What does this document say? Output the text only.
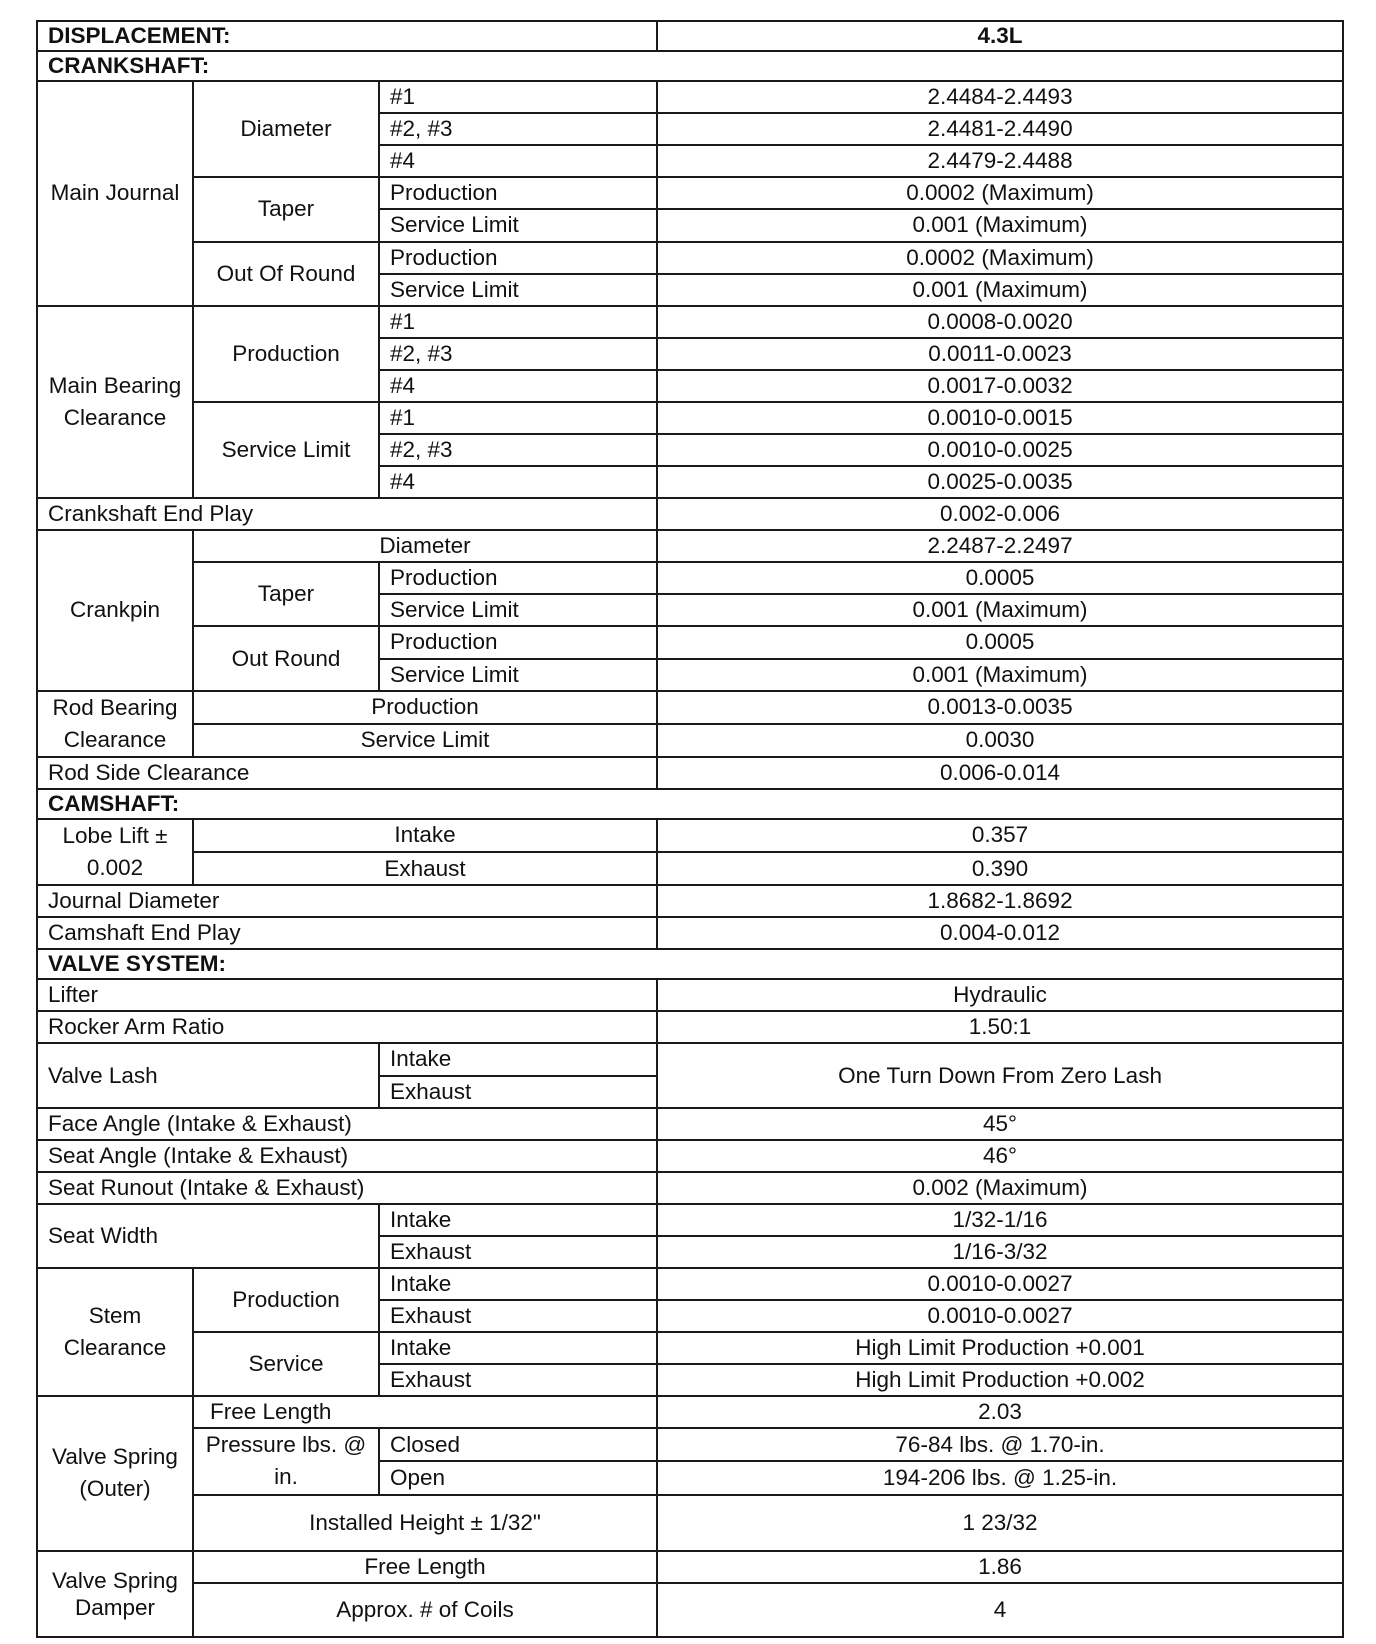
DISPLACEMENT:			4.3L
CRANKSHAFT:			
Main Journal	Diameter	#1	2.4484-2.4493
		#2, #3	2.4481-2.4490
		#4	2.4479-2.4488
	Taper	Production	0.0002 (Maximum)
		Service Limit	0.001 (Maximum)
	Out Of Round	Production	0.0002 (Maximum)
		Service Limit	0.001 (Maximum)
Main Bearing Clearance	Production	#1	0.0008-0.0020
		#2, #3	0.0011-0.0023
		#4	0.0017-0.0032
	Service Limit	#1	0.0010-0.0015
		#2, #3	0.0010-0.0025
		#4	0.0025-0.0035
Crankshaft End Play			0.002-0.006
Crankpin	Diameter		2.2487-2.2497
	Taper	Production	0.0005
		Service Limit	0.001 (Maximum)
	Out Round	Production	0.0005
		Service Limit	0.001 (Maximum)
Rod Bearing Clearance	Production		0.0013-0.0035
	Service Limit		0.0030
Rod Side Clearance			0.006-0.014
CAMSHAFT:			
Lobe Lift ± 0.002	Intake		0.357
	Exhaust		0.390
Journal Diameter			1.8682-1.8692
Camshaft End Play			0.004-0.012
VALVE SYSTEM:			
Lifter			Hydraulic
Rocker Arm Ratio			1.50:1
Valve Lash		Intake	One Turn Down From Zero Lash
		Exhaust	
Face Angle (Intake & Exhaust)			45°
Seat Angle (Intake & Exhaust)			46°
Seat Runout (Intake & Exhaust)			0.002 (Maximum)
Seat Width		Intake	1/32-1/16
		Exhaust	1/16-3/32
Stem Clearance	Production	Intake	0.0010-0.0027
		Exhaust	0.0010-0.0027
	Service	Intake	High Limit Production +0.001
		Exhaust	High Limit Production +0.002
Valve Spring (Outer)	Free Length		2.03
	Pressure lbs. @ in.	Closed	76-84 lbs. @ 1.70-in.
		Open	194-206 lbs. @ 1.25-in.
	Installed Height ± 1/32"		1 23/32
Valve Spring Damper	Free Length		1.86
	Approx. # of Coils		4
